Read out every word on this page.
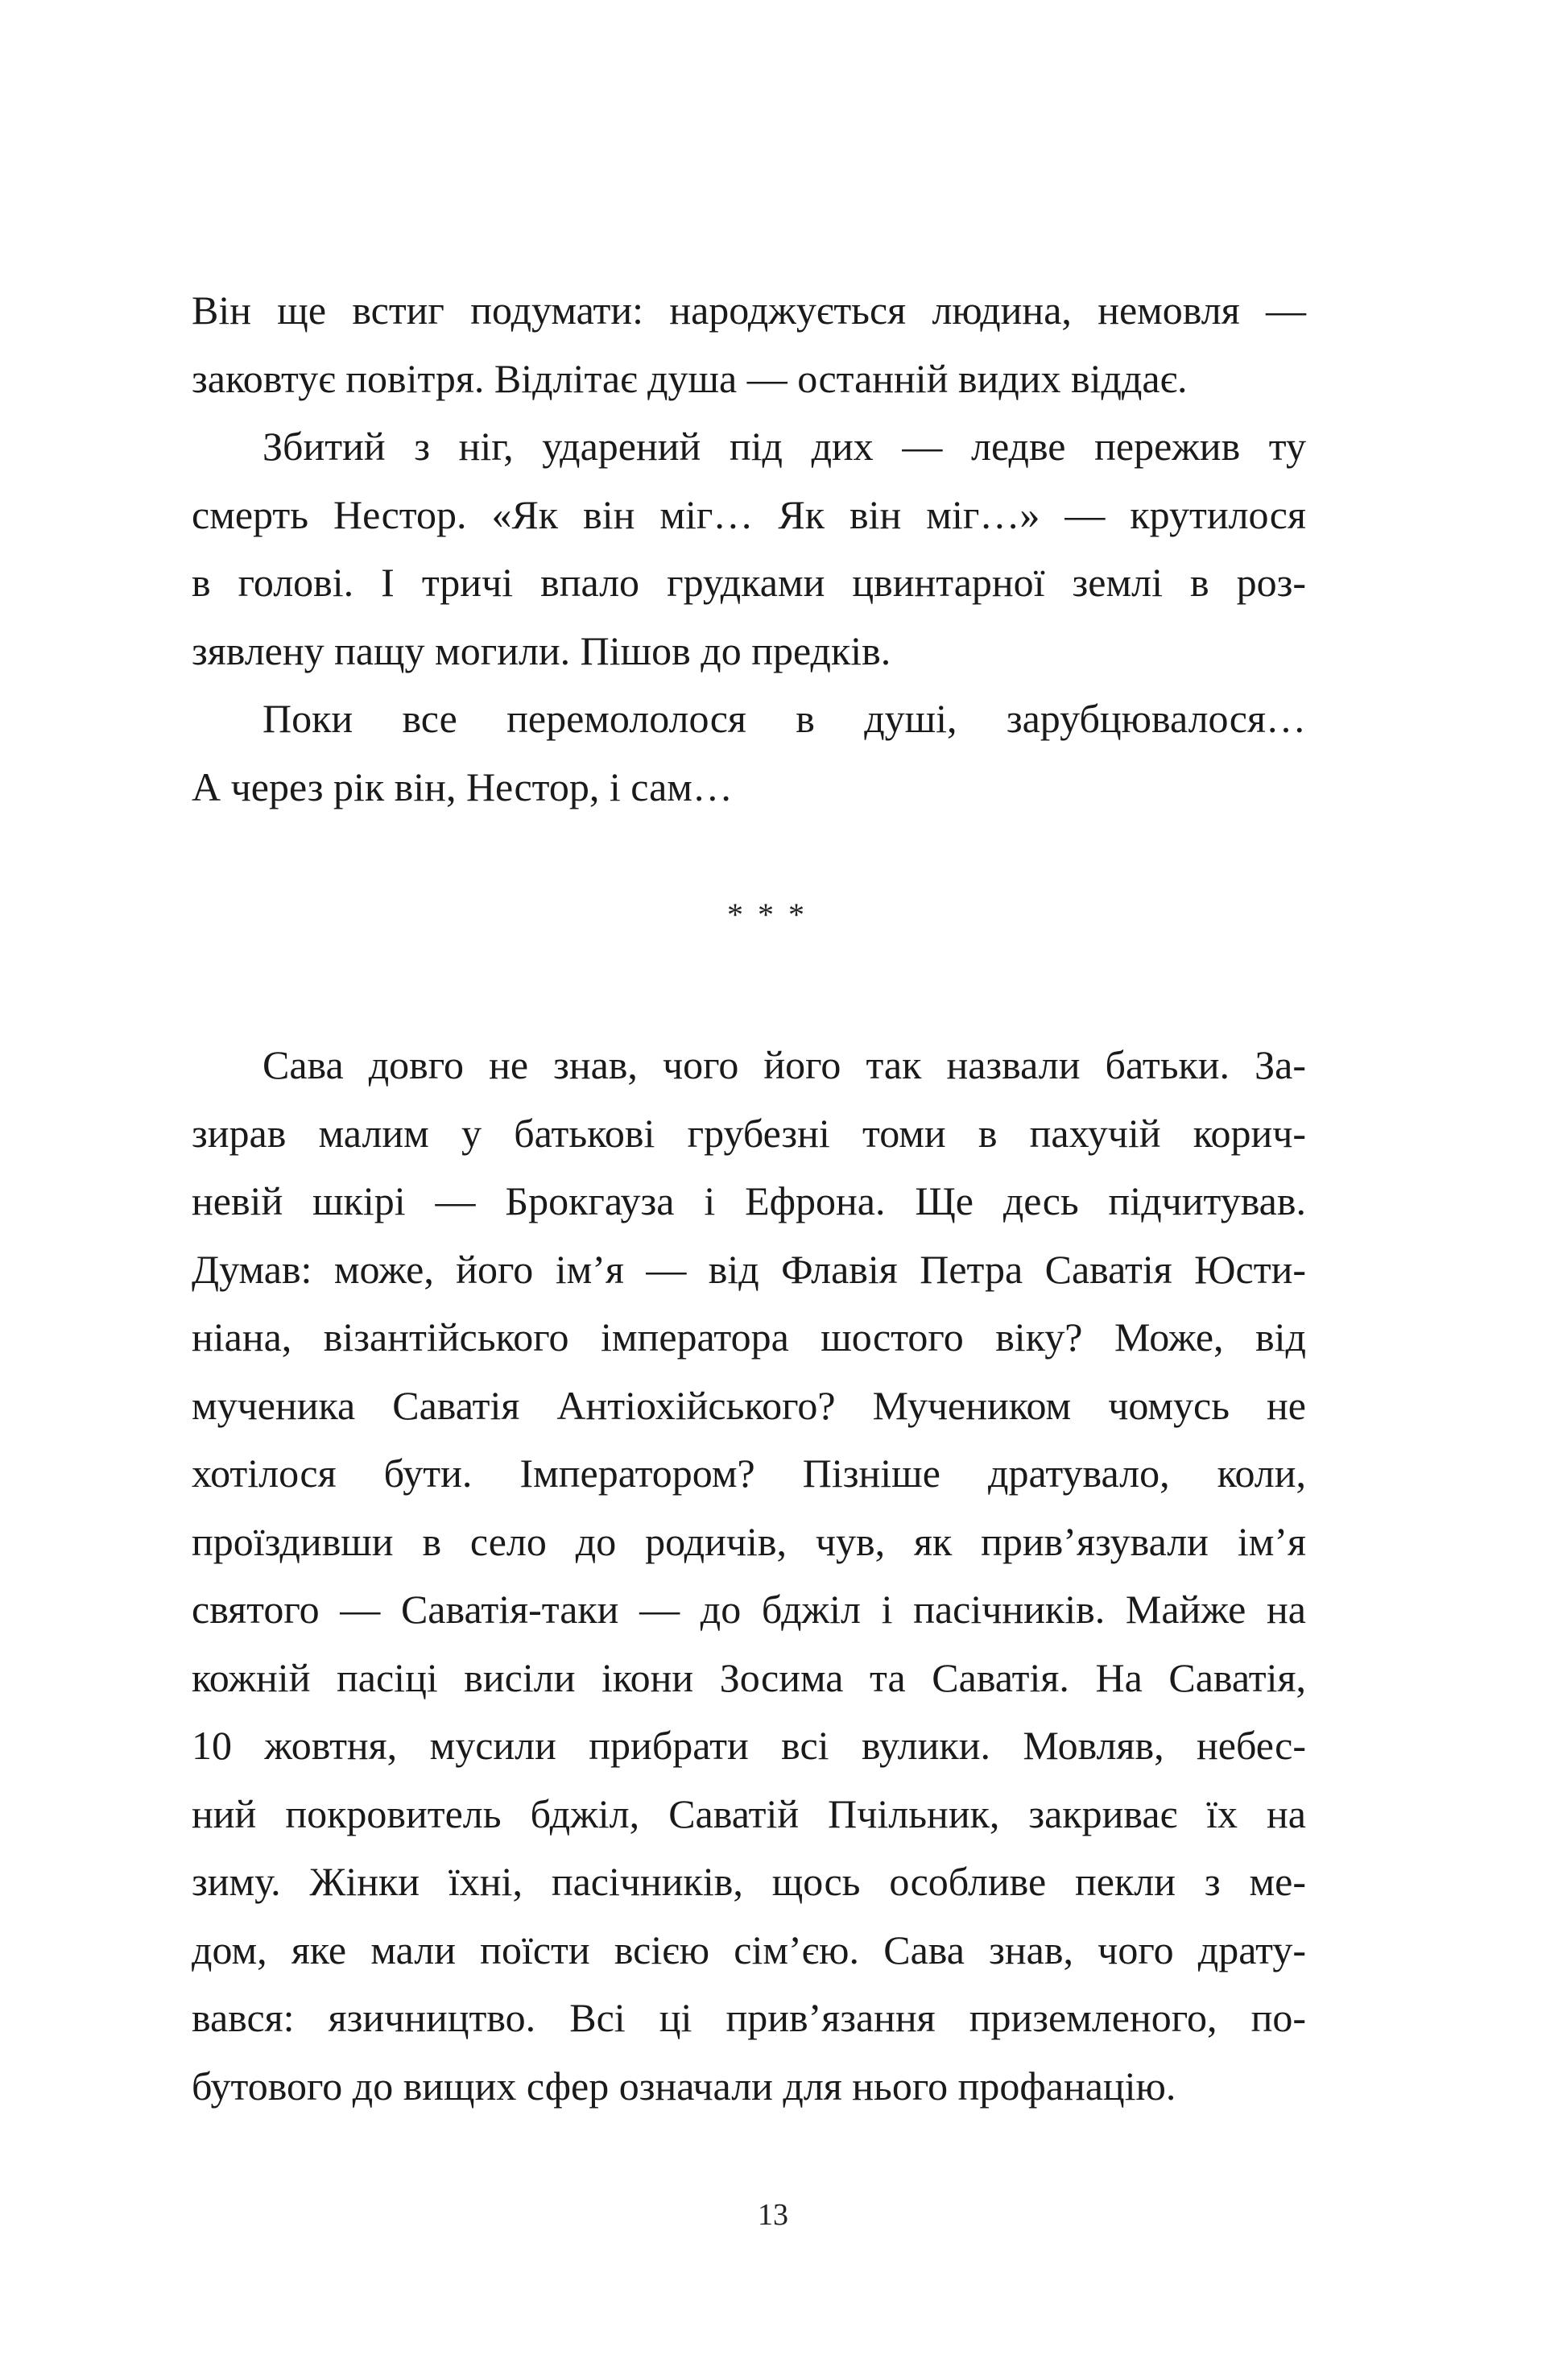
Він ще встиг подумати: народжується людина, немовля —
заковтує повітря. Відлітає душа — останній видих віддає.
Збитий з ніг, ударений під дих — ледве пережив ту
смерть Нестор. «Як він міг… Як він міг…» — крутилося
в голові. І тричі впало грудками цвинтарної землі в роз-
зявлену пащу могили. Пішов до предків.
Поки все перемололося в душі, зарубцювалося…
А через рік він, Нестор, і сам…
***
Сава довго не знав, чого його так назвали батьки. За-
зирав малим у батькові грубезні томи в пахучій корич-
невій шкірі — Брокгауза і Ефрона. Ще десь підчитував.
Думав: може, його ім’я — від Флавія Петра Саватія Юсти-
ніана, візантійського імператора шостого віку? Може, від
мученика Саватія Антіохійського? Мучеником чомусь не
хотілося бути. Імператором? Пізніше дратувало, коли,
проїздивши в село до родичів, чув, як прив’язували ім’я
святого — Саватія-таки — до бджіл і пасічників. Майже на
кожній пасіці висіли ікони Зосима та Саватія. На Саватія,
10 жовтня, мусили прибрати всі вулики. Мовляв, небес-
ний покровитель бджіл, Саватій Пчільник, закриває їх на
зиму. Жінки їхні, пасічників, щось особливе пекли з ме-
дом, яке мали поїсти всією сім’єю. Сава знав, чого драту-
вався: язичництво. Всі ці прив’язання приземленого, по-
бутового до вищих сфер означали для нього профанацію.
13
